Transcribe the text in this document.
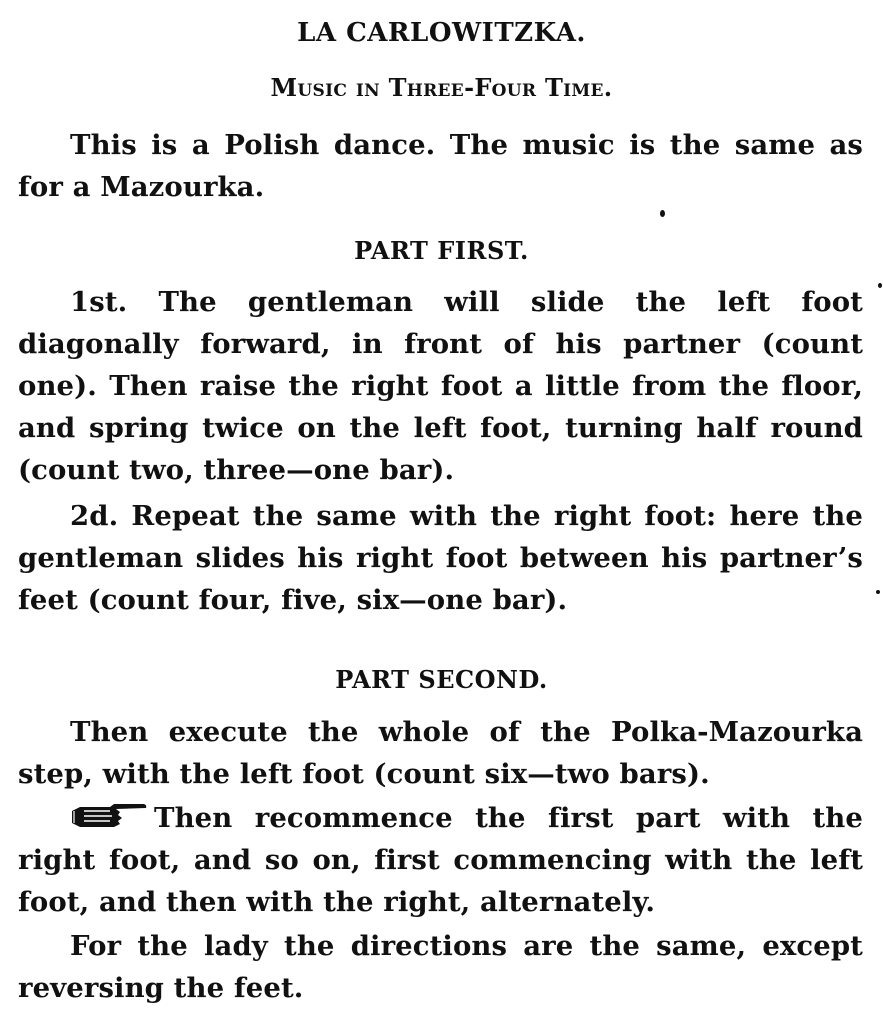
LA CARLOWITZKA.
Music in Three-Four Time.

This is a Polish dance. The music is the same as for a Mazourka.

PART FIRST.

1st. The gentleman will slide the left foot diagonally forward, in front of his partner (count one). Then raise the right foot a little from the floor, and spring twice on the left foot, turning half round (count two, three—one bar).

2d. Repeat the same with the right foot: here the gentleman slides his right foot between his partner’s feet (count four, five, six—one bar).

PART SECOND.

Then execute the whole of the Polka-Mazourka step, with the left foot (count six—two bars).

Then recommence the first part with the right foot, and so on, first commencing with the left foot, and then with the right, alternately.

For the lady the directions are the same, except reversing the feet.
